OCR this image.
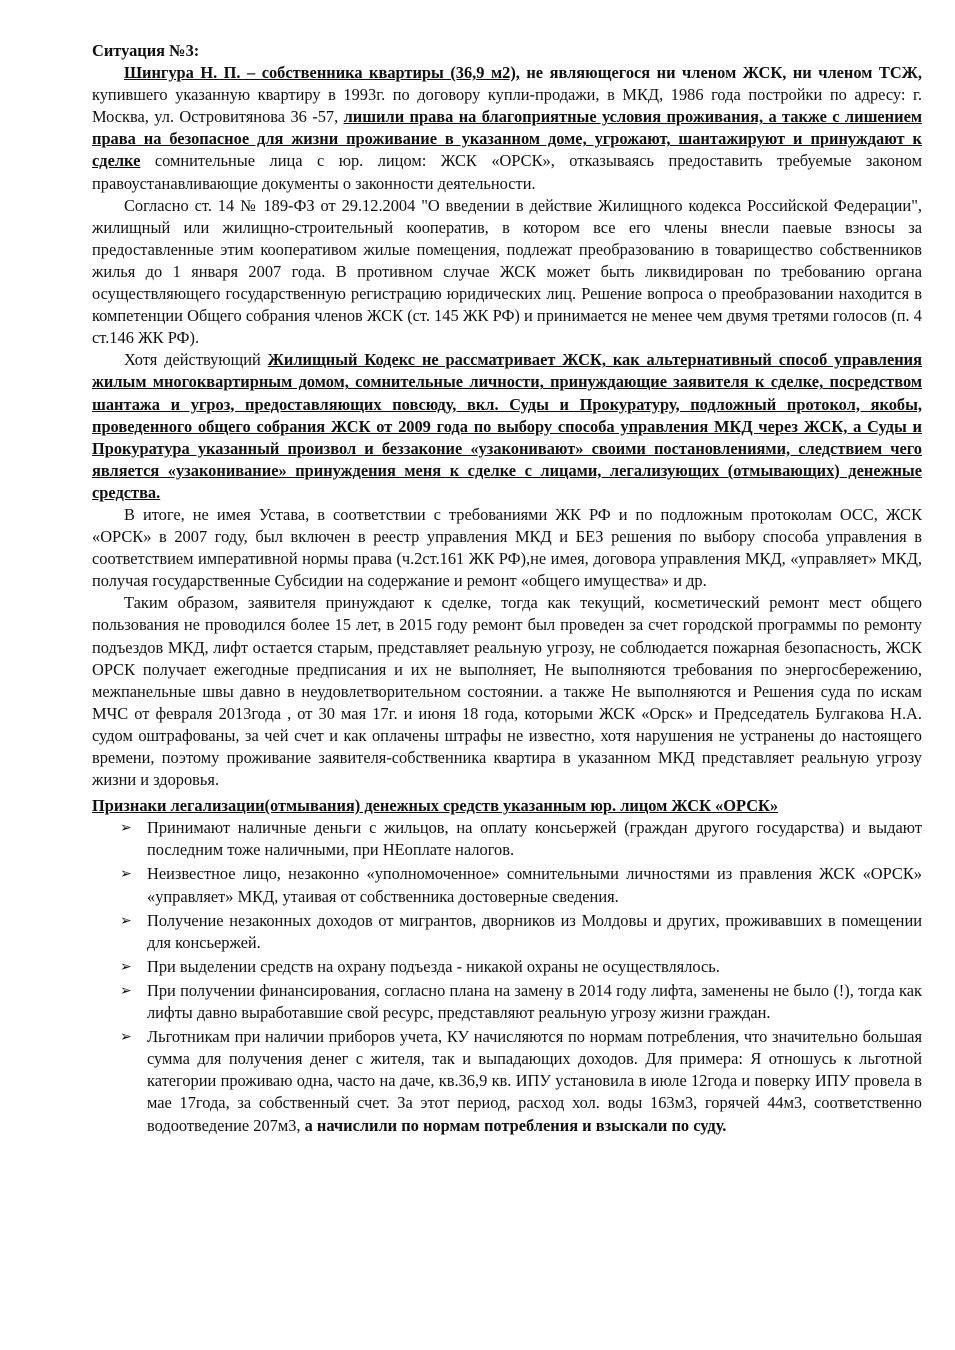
Ситуация №3:

Шингура Н. П. – собственника квартиры (36,9 м2), не являющегося ни членом ЖСК, ни членом ТСЖ, купившего указанную квартиру в 1993г. по договору купли-продажи, в МКД, 1986 года постройки по адресу: г. Москва, ул. Островитянова 36 -57, лишили права на благоприятные условия проживания, а также с лишением права на безопасное для жизни проживание в указанном доме, угрожают, шантажируют и принуждают к сделке сомнительные лица с юр. лицом: ЖСК «ОРСК», отказываясь предоставить требуемые законом правоустанавливающие документы о законности деятельности.

Согласно ст. 14 № 189-ФЗ от 29.12.2004 "О введении в действие Жилищного кодекса Российской Федерации", жилищный или жилищно-строительный кооператив, в котором все его члены внесли паевые взносы за предоставленные этим кооперативом жилые помещения, подлежат преобразованию в товарищество собственников жилья до 1 января 2007 года. В противном случае ЖСК может быть ликвидирован по требованию органа осуществляющего государственную регистрацию юридических лиц. Решение вопроса о преобразовании находится в компетенции Общего собрания членов ЖСК (ст. 145 ЖК РФ) и принимается не менее чем двумя третями голосов (п. 4 ст.146 ЖК РФ).

Хотя действующий Жилищный Кодекс не рассматривает ЖСК, как альтернативный способ управления жилым многоквартирным домом, сомнительные личности, принуждающие заявителя к сделке, посредством шантажа и угроз, предоставляющих повсюду, вкл. Суды и Прокуратуру, подложный протокол, якобы, проведенного общего собрания ЖСК от 2009 года по выбору способа управления МКД через ЖСК, а Суды и Прокуратура указанный произвол и беззаконие «узаконивают» своими постановлениями, следствием чего является «узаконивание» принуждения меня к сделке с лицами, легализующих (отмывающих) денежные средства.

В итоге, не имея Устава, в соответствии с требованиями ЖК РФ и по подложным протоколам ОСС, ЖСК «ОРСК» в 2007 году, был включен в реестр управления МКД и БЕЗ решения по выбору способа управления в соответствием императивной нормы права (ч.2ст.161 ЖК РФ),не имея, договора управления МКД, «управляет» МКД, получая государственные Субсидии на содержание и ремонт «общего имущества» и др.

Таким образом, заявителя принуждают к сделке, тогда как текущий, косметический ремонт мест общего пользования не проводился более 15 лет, в 2015 году ремонт был проведен за счет городской программы по ремонту подъездов МКД, лифт остается старым, представляет реальную угрозу, не соблюдается пожарная безопасность, ЖСК ОРСК получает ежегодные предписания и их не выполняет, Не выполняются требования по энергосбережению, межпанельные швы давно в неудовлетворительном состоянии. а также Не выполняются и Решения суда по искам МЧС от февраля 2013года , от 30 мая 17г. и июня 18 года, которыми ЖСК «Орск» и Председатель Булгакова Н.А. судом оштрафованы, за чей счет и как оплачены штрафы не известно, хотя нарушения не устранены до настоящего времени, поэтому проживание заявителя-собственника квартира в указанном МКД представляет реальную угрозу жизни и здоровья.

Признаки легализации(отмывания) денежных средств указанным юр. лицом ЖСК «ОРСК»

➢ Принимают наличные деньги с жильцов, на оплату консьержей (граждан другого государства) и выдают последним тоже наличными, при НЕоплате налогов.
➢ Неизвестное лицо, незаконно «уполномоченное» сомнительными личностями из правления ЖСК «ОРСК» «управляет» МКД, утаивая от собственника достоверные сведения.
➢ Получение незаконных доходов от мигрантов, дворников из Молдовы и других, проживавших в помещении для консьержей.
➢ При выделении средств на охрану подъезда - никакой охраны не осуществлялось.
➢ При получении финансирования, согласно плана на замену в 2014 году лифта, заменены не было (!), тогда как лифты давно выработавшие свой ресурс, представляют реальную угрозу жизни граждан.
➢ Льготникам при наличии приборов учета, КУ начисляются по нормам потребления, что значительно большая сумма для получения денег с жителя, так и выпадающих доходов. Для примера: Я отношусь к льготной категории проживаю одна, часто на даче, кв.36,9 кв. ИПУ установила в июле 12года и поверку ИПУ провела в мае 17года, за собственный счет. За этот период, расход хол. воды 163м3, горячей 44м3, соответственно водоотведение 207м3, а начислили по нормам потребления и взыскали по суду.
